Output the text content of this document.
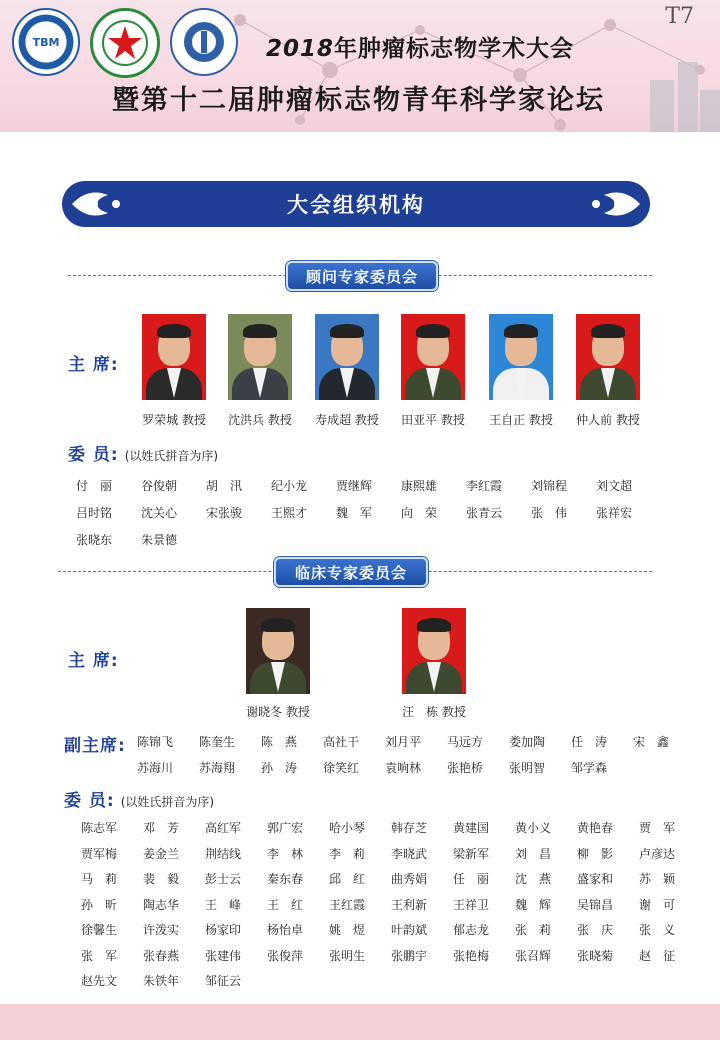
TBM	2018年肿瘤标志物学术大会
暨第十二届肿瘤标志物青年科学家论坛
大会组织机构
顾问专家委员会
主 席:
罗荣城 教授	沈洪兵 教授	寿成超 教授	田亚平 教授	王自正 教授	仲人前 教授
委 员: (以姓氏拼音为序)
付　丽 谷俊朝 胡　汛 纪小龙 贾继辉 康熙雄 李红霞 刘锦程 刘文超
吕时铭 沈关心 宋张骏 王熙才 魏　军 向　荣 张青云 张　伟 张祥宏
张晓东 朱景德
临床专家委员会
主 席:
谢晓冬 教授	汪　栋 教授
副主席: 陈锦飞 陈奎生 陈　燕 高社干 刘月平 马远方 娄加陶 任　涛 宋　鑫
苏海川 苏海翔 孙　涛 徐笑红 袁响林 张艳桥 张明智 邹学森
委 员: (以姓氏拼音为序)
陈志军 邓　芳 高红军 郭广宏 哈小琴 韩存芝 黄建国 黄小义 黄艳春 贾　军
贾军梅 姜金兰 荆结线 李　林 李　莉 李晓武 梁新军 刘　昌 柳　影 卢彦达
马　莉 裴　毅 彭士云 秦东春 邱　红 曲秀娟 任　丽 沈　燕 盛家和 苏　颖
孙　昕 陶志华 王　峰 王　红 王红霞 王利新 王祥卫 魏　辉 吴锦昌 谢　可
徐馨生 许泼实 杨家印 杨怡卓 姚　煜 叶韵斌 郁志龙 张　莉 张　庆 张　义
张　军 张春燕 张建伟 张俊萍 张明生 张鹏宇 张艳梅 张召辉 张晓菊 赵　征
赵先文 朱铁年 邹征云
T7
